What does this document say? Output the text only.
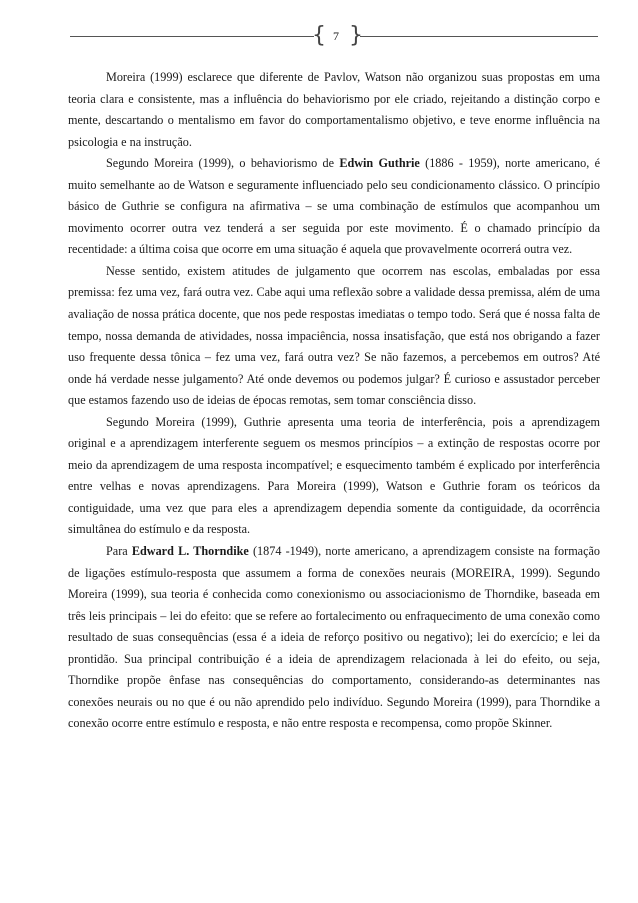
{ 7 }

Moreira (1999) esclarece que diferente de Pavlov, Watson não organizou suas propostas em uma teoria clara e consistente, mas a influência do behaviorismo por ele criado, rejeitando a distinção corpo e mente, descartando o mentalismo em favor do comportamentalismo objetivo, e teve enorme influência na psicologia e na instrução.

Segundo Moreira (1999), o behaviorismo de Edwin Guthrie (1886 - 1959), norte americano, é muito semelhante ao de Watson e seguramente influenciado pelo seu condicionamento clássico. O princípio básico de Guthrie se configura na afirmativa – se uma combinação de estímulos que acompanhou um movimento ocorrer outra vez tenderá a ser seguida por este movimento. É o chamado princípio da recentidade: a última coisa que ocorre em uma situação é aquela que provavelmente ocorrerá outra vez.

Nesse sentido, existem atitudes de julgamento que ocorrem nas escolas, embaladas por essa premissa: fez uma vez, fará outra vez. Cabe aqui uma reflexão sobre a validade dessa premissa, além de uma avaliação de nossa prática docente, que nos pede respostas imediatas o tempo todo. Será que é nossa falta de tempo, nossa demanda de atividades, nossa impaciência, nossa insatisfação, que está nos obrigando a fazer uso frequente dessa tônica – fez uma vez, fará outra vez? Se não fazemos, a percebemos em outros? Até onde há verdade nesse julgamento? Até onde devemos ou podemos julgar? É curioso e assustador perceber que estamos fazendo uso de ideias de épocas remotas, sem tomar consciência disso.

Segundo Moreira (1999), Guthrie apresenta uma teoria de interferência, pois a aprendizagem original e a aprendizagem interferente seguem os mesmos princípios – a extinção de respostas ocorre por meio da aprendizagem de uma resposta incompatível; e esquecimento também é explicado por interferência entre velhas e novas aprendizagens. Para Moreira (1999), Watson e Guthrie foram os teóricos da contiguidade, uma vez que para eles a aprendizagem dependia somente da contiguidade, da ocorrência simultânea do estímulo e da resposta.

Para Edward L. Thorndike (1874 -1949), norte americano, a aprendizagem consiste na formação de ligações estímulo-resposta que assumem a forma de conexões neurais (MOREIRA, 1999). Segundo Moreira (1999), sua teoria é conhecida como conexionismo ou associacionismo de Thorndike, baseada em três leis principais – lei do efeito: que se refere ao fortalecimento ou enfraquecimento de uma conexão como resultado de suas consequências (essa é a ideia de reforço positivo ou negativo); lei do exercício; e lei da prontidão. Sua principal contribuição é a ideia de aprendizagem relacionada à lei do efeito, ou seja, Thorndike propõe ênfase nas consequências do comportamento, considerando-as determinantes nas conexões neurais ou no que é ou não aprendido pelo indivíduo. Segundo Moreira (1999), para Thorndike a conexão ocorre entre estímulo e resposta, e não entre resposta e recompensa, como propõe Skinner.
